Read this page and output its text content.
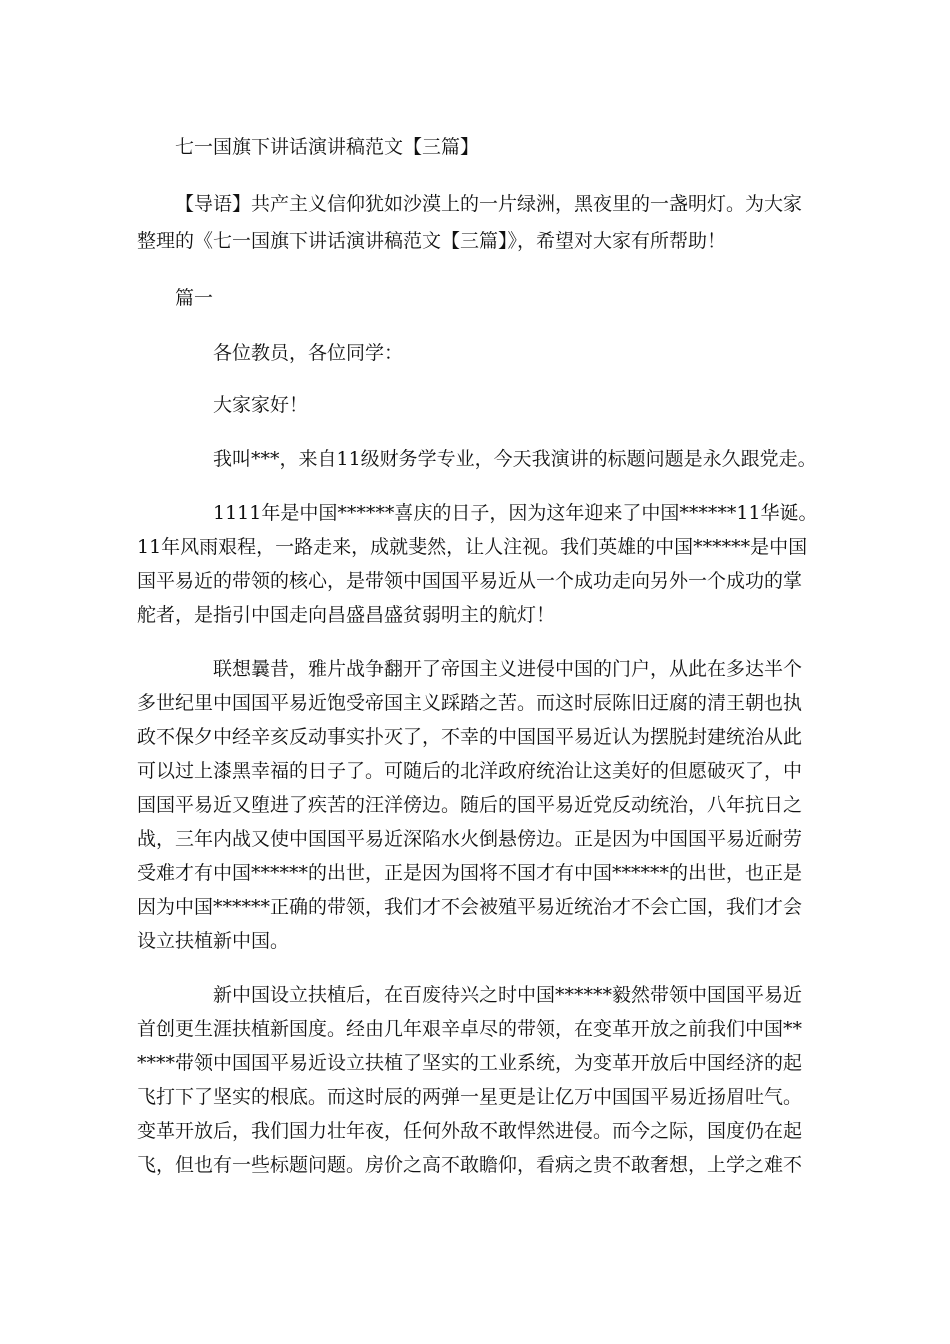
七一国旗下讲话演讲稿范文【三篇】
【导语】共产主义信仰犹如沙漠上的一片绿洲，黑夜里的一盏明灯。为大家
整理的《七一国旗下讲话演讲稿范文【三篇】》，希望对大家有所帮助！
篇一
各位教员，各位同学：
大家家好！
我叫***，来自11级财务学专业，今天我演讲的标题问题是永久跟党走。
1111年是中国******喜庆的日子，因为这年迎来了中国******11华诞。
11年风雨艰程，一路走来，成就斐然，让人注视。我们英雄的中国******是中国
国平易近的带领的核心，是带领中国国平易近从一个成功走向另外一个成功的掌
舵者，是指引中国走向昌盛昌盛贫弱明主的航灯！
联想曩昔，雅片战争翻开了帝国主义进侵中国的门户，从此在多达半个
多世纪里中国国平易近饱受帝国主义踩踏之苦。而这时辰陈旧迂腐的清王朝也执
政不保夕中经辛亥反动事实扑灭了，不幸的中国国平易近认为摆脱封建统治从此
可以过上漆黑幸福的日子了。可随后的北洋政府统治让这美好的但愿破灭了，中
国国平易近又堕进了疾苦的汪洋傍边。随后的国平易近党反动统治，八年抗日之
战，三年内战又使中国国平易近深陷水火倒悬傍边。正是因为中国国平易近耐劳
受难才有中国******的出世，正是因为国将不国才有中国******的出世，也正是
因为中国******正确的带领，我们才不会被殖平易近统治才不会亡国，我们才会
设立扶植新中国。
新中国设立扶植后，在百废待兴之时中国******毅然带领中国国平易近
首创更生涯扶植新国度。经由几年艰辛卓尽的带领，在变革开放之前我们中国**
****带领中国国平易近设立扶植了坚实的工业系统，为变革开放后中国经济的起
飞打下了坚实的根底。而这时辰的两弹一星更是让亿万中国国平易近扬眉吐气。
变革开放后，我们国力壮年夜，任何外敌不敢悍然进侵。而今之际，国度仍在起
飞，但也有一些标题问题。房价之高不敢瞻仰，看病之贵不敢奢想，上学之难不
